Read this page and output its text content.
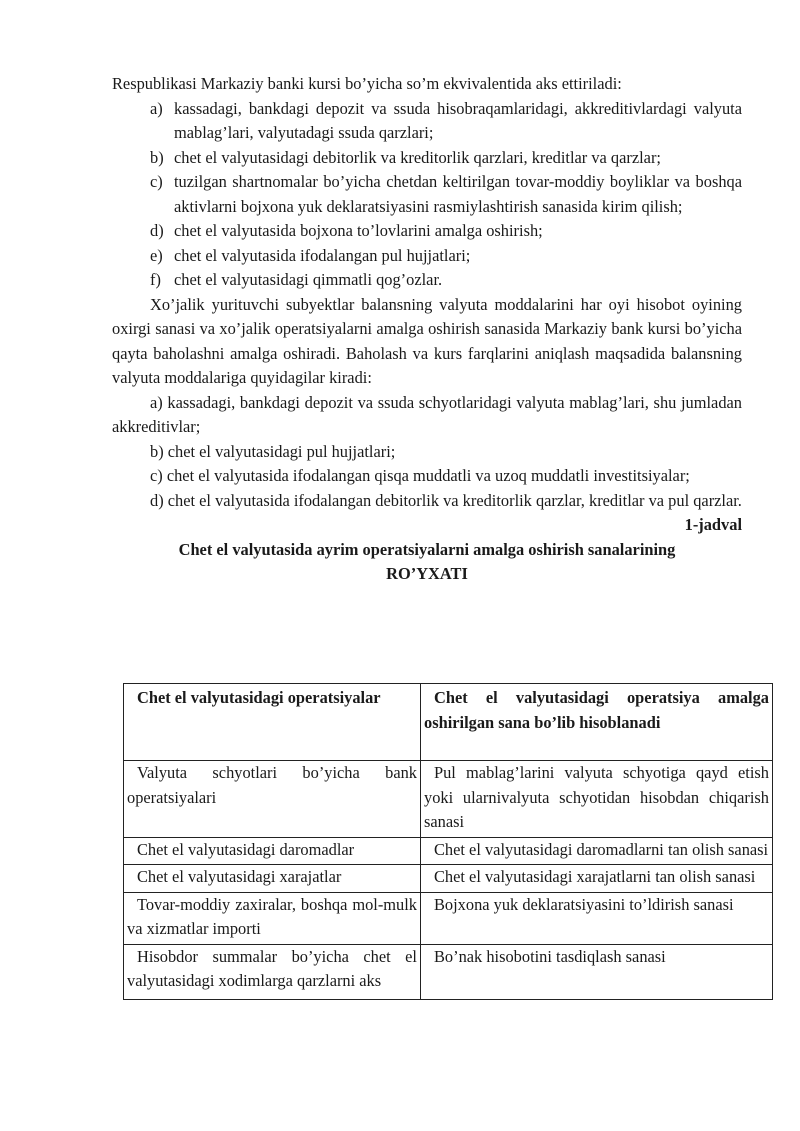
Respublikasi Markaziy banki kursi bo’yicha so’m ekvivalentida aks ettiriladi:

a) kassadagi, bankdagi depozit va ssuda hisobraqamlaridagi, akkreditivlardagi valyuta mablag’lari, valyutadagi ssuda qarzlari;
b) chet el valyutasidagi debitorlik va kreditorlik qarzlari, kreditlar va qarzlar;
c) tuzilgan shartnomalar bo’yicha chetdan keltirilgan tovar-moddiy boyliklar va boshqa aktivlarni bojxona yuk deklaratsiyasini rasmiylashtirish sanasida kirim qilish;
d) chet el valyutasida bojxona to’lovlarini amalga oshirish;
e) chet el valyutasida ifodalangan pul hujjatlari;
f) chet el valyutasidagi qimmatli qog’ozlar.

Xo’jalik yurituvchi subyektlar balansning valyuta moddalarini har oyi hisobot oyining oxirgi sanasi va xo’jalik operatsiyalarni amalga oshirish sanasida Markaziy bank kursi bo’yicha qayta baholashni amalga oshiradi. Baholash va kurs farqlarini aniqlash maqsadida balansning valyuta moddalariga quyidagilar kiradi:

a) kassadagi, bankdagi depozit va ssuda schyotlaridagi valyuta mablag’lari, shu jumladan akkreditivlar;

b) chet el valyutasidagi pul hujjatlari;

c) chet el valyutasida ifodalangan qisqa muddatli va uzoq muddatli investitsiyalar;

d) chet el valyutasida ifodalangan debitorlik va kreditorlik qarzlar, kreditlar va pul qarzlar.

1-jadval

Chet el valyutasida ayrim operatsiyalarni amalga oshirish sanalarining

RO’YXATI

Chet el valyutasidagi operatsiyalar	Chet el valyutasidagi operatsiya amalga oshirilgan sana bo’lib hisoblanadi
Valyuta schyotlari bo’yicha bank operatsiyalari	Pul mablag’larini valyuta schyotiga qayd etish yoki ularnivalyuta schyotidan hisobdan chiqarish sanasi
Chet el valyutasidagi daromadlar	Chet el valyutasidagi daromadlarni tan olish sanasi
Chet el valyutasidagi xarajatlar	Chet el valyutasidagi xarajatlarni tan olish sanasi
Tovar-moddiy zaxiralar, boshqa mol-mulk va xizmatlar importi	Bojxona yuk deklaratsiyasini to’ldirish sanasi
Hisobdor summalar bo’yicha chet el valyutasidagi xodimlarga qarzlarni aks	Bo’nak hisobotini tasdiqlash sanasi
